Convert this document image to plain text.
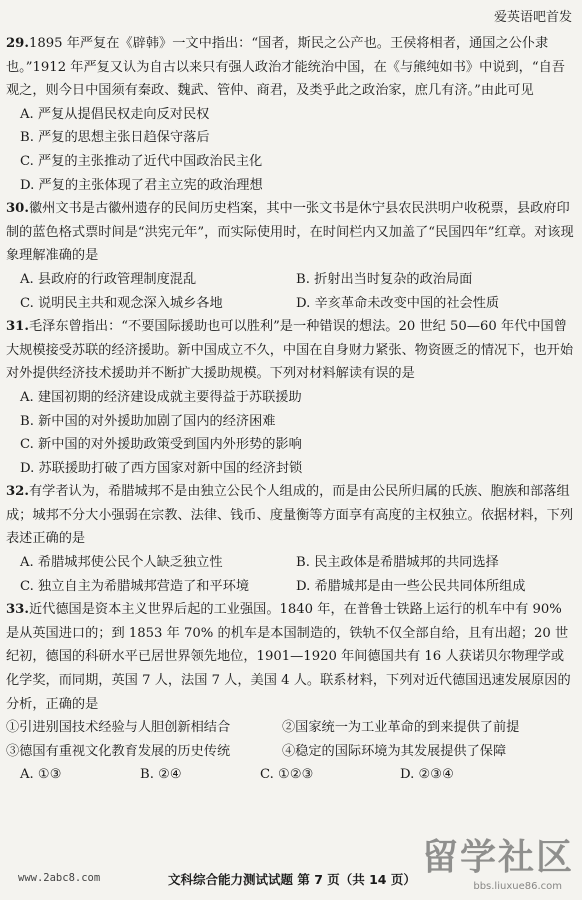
爱英语吧首发
29.1895 年严复在《辟韩》一文中指出：“国者，斯民之公产也。王侯将相者，通国之公仆隶也。”1912 年严复又认为自古以来只有强人政治才能统治中国，在《与熊纯如书》中说到，“自吾观之，则今日中国须有秦政、魏武、管仲、商君，及类乎此之政治家，庶几有济。”由此可见
A. 严复从提倡民权走向反对民权
B. 严复的思想主张日趋保守落后
C. 严复的主张推动了近代中国政治民主化
D. 严复的主张体现了君主立宪的政治理想
30.徽州文书是古徽州遗存的民间历史档案，其中一张文书是休宁县农民洪明户收税票，县政府印制的蓝色格式票时间是“洪宪元年”，而实际使用时，在时间栏内又加盖了“民国四年”红章。对该现象理解准确的是
A. 县政府的行政管理制度混乱	B. 折射出当时复杂的政治局面
C. 说明民主共和观念深入城乡各地	D. 辛亥革命未改变中国的社会性质
31.毛泽东曾指出：“不要国际援助也可以胜利”是一种错误的想法。20 世纪 50—60 年代中国曾大规模接受苏联的经济援助。新中国成立不久，中国在自身财力紧张、物资匮乏的情况下，也开始对外提供经济技术援助并不断扩大援助规模。下列对材料解读有误的是
A. 建国初期的经济建设成就主要得益于苏联援助
B. 新中国的对外援助加剧了国内的经济困难
C. 新中国的对外援助政策受到国内外形势的影响
D. 苏联援助打破了西方国家对新中国的经济封锁
32.有学者认为，希腊城邦不是由独立公民个人组成的，而是由公民所归属的氏族、胞族和部落组成；城邦不分大小强弱在宗教、法律、钱币、度量衡等方面享有高度的主权独立。依据材料，下列表述正确的是
A. 希腊城邦使公民个人缺乏独立性	B. 民主政体是希腊城邦的共同选择
C. 独立自主为希腊城邦营造了和平环境	D. 希腊城邦是由一些公民共同体所组成
33.近代德国是资本主义世界后起的工业强国。1840 年，在普鲁士铁路上运行的机车中有 90% 是从英国进口的；到 1853 年 70% 的机车是本国制造的，铁轨不仅全部自给，且有出超；20 世纪初，德国的科研水平已居世界领先地位，1901—1920 年间德国共有 16 人获诺贝尔物理学或化学奖，而同期，英国 7 人，法国 7 人，美国 4 人。联系材料，下列对近代德国迅速发展原因的分析，正确的是
①引进别国技术经验与人胆创新相结合	②国家统一为工业革命的到来提供了前提
③德国有重视文化教育发展的历史传统	④稳定的国际环境为其发展提供了保障
A. ①③	B. ②④	C. ①②③	D. ②③④
www.2abc8.com	文科综合能力测试试题 第 7 页（共 14 页）
留学社区
bbs.liuxue86.com
